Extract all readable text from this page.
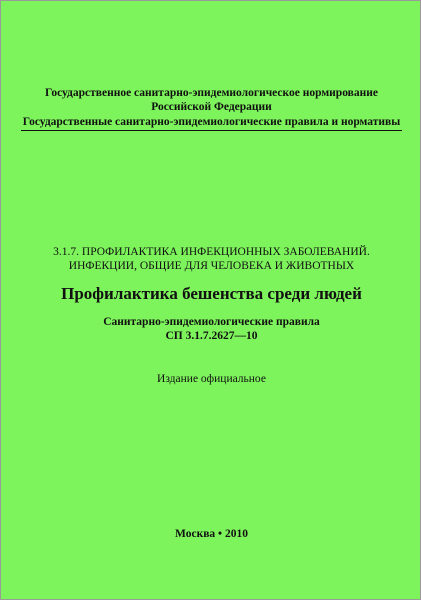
Государственное санитарно-эпидемиологическое нормирование
Российской Федерации
Государственные санитарно-эпидемиологические правила и нормативы
3.1.7. ПРОФИЛАКТИКА ИНФЕКЦИОННЫХ ЗАБОЛЕВАНИЙ.
ИНФЕКЦИИ, ОБЩИЕ ДЛЯ ЧЕЛОВЕКА И ЖИВОТНЫХ
Профилактика бешенства среди людей
Санитарно-эпидемиологические правила
СП 3.1.7.2627—10
Издание официальное
Москва • 2010
